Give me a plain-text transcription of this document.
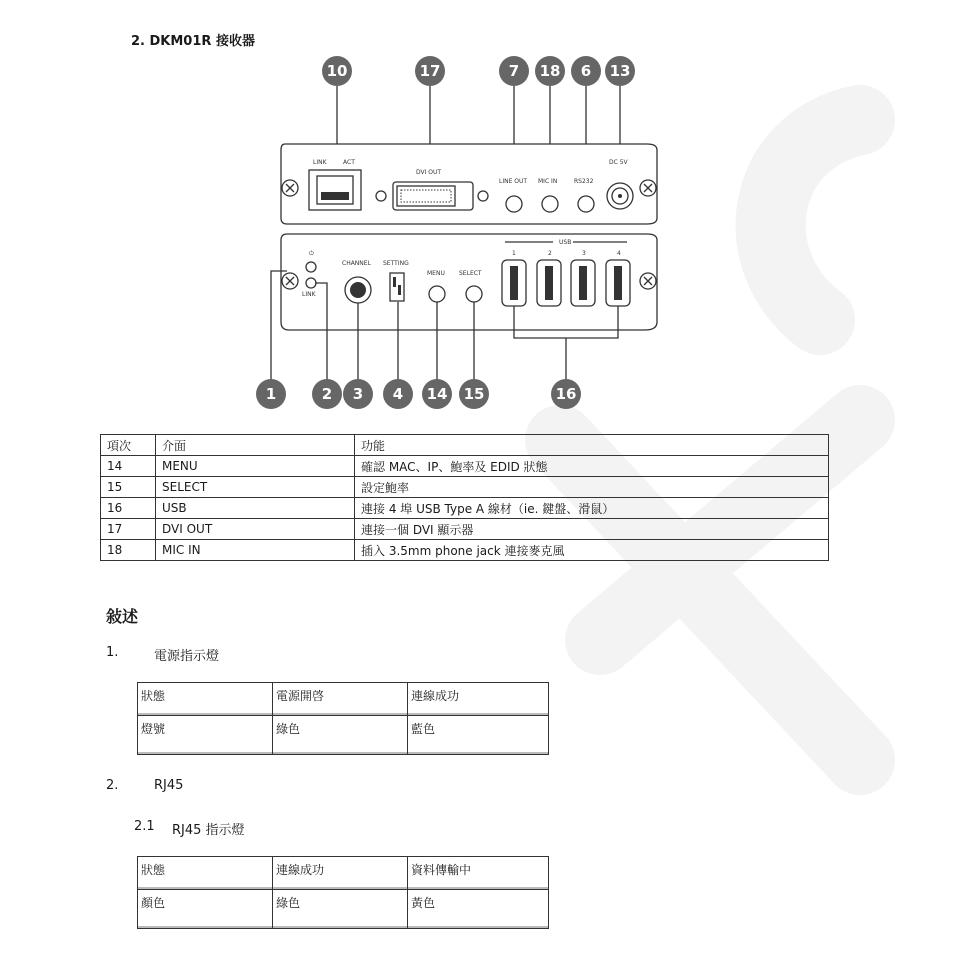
2. DKM01R 接收器
10	17	7 18 6 13
LINK	ACT
DVI OUT
LINE OUT MIC IN	RS232
DC 5V
⏻
LINK
CHANNEL SETTING
MENU SELECT
USB
1	2	3	4
1	2 3 4 14 15	16
項次	介面	功能
14	MENU	確認 MAC、IP、鮑率及 EDID 狀態
15	SELECT	設定鮑率
16	USB	連接 4 埠 USB Type A 線材（ie. 鍵盤、滑鼠）
17	DVI OUT	連接一個 DVI 顯示器
18	MIC IN	插入 3.5mm phone jack 連接麥克風
敍述
1.	電源指示燈
狀態	電源開啓	連線成功
燈號	綠色	藍色
2.	RJ45
2.1 RJ45 指示燈
狀態	連線成功	資料傳輸中
顏色	綠色	黃色
